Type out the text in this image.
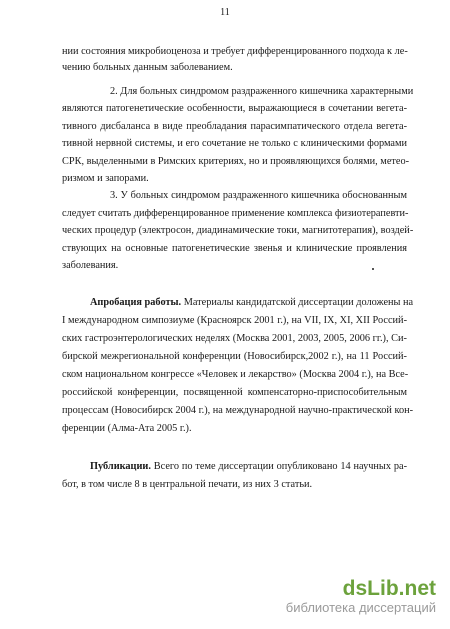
11
нии состояния микробиоценоза и требует дифференцированного подхода к ле-
чению больных данным заболеванием.
2. Для больных синдромом раздраженного кишечника характерными
являются патогенетические особенности, выражающиеся в сочетании вегета-
тивного дисбаланса в виде преобладания парасимпатического отдела вегета-
тивной нервной системы, и его сочетание не только с клиническими формами
СРК, выделенными в Римских критериях, но и проявляющихся болями, метео-
ризмом и запорами.
3. У больных синдромом раздраженного кишечника обоснованным
следует считать дифференцированное применение комплекса физиотерапевти-
ческих процедур (электросон, диадинамические токи, магнитотерапия), воздей-
ствующих на основные патогенетические звенья и клинические проявления
заболевания.
Апробация работы. Материалы кандидатской диссертации доложены на
I международном симпозиуме (Красноярск 2001 г.), на VII, IX, XI, XII Россий-
ских гастроэнтерологических неделях (Москва 2001, 2003, 2005, 2006 гг.), Си-
бирской межрегиональной конференции (Новосибирск,2002 г.), на 11 Россий-
ском национальном конгрессе «Человек и лекарство» (Москва 2004 г.), на Все-
российской конференции, посвященной компенсаторно-приспособительным
процессам (Новосибирск 2004 г.), на международной научно-практической кон-
ференции (Алма-Ата 2005 г.).
Публикации. Всего по теме диссертации опубликовано 14 научных ра-
бот, в том числе 8 в центральной печати, из них 3 статьи.
dsLib.net
библиотека диссертаций
